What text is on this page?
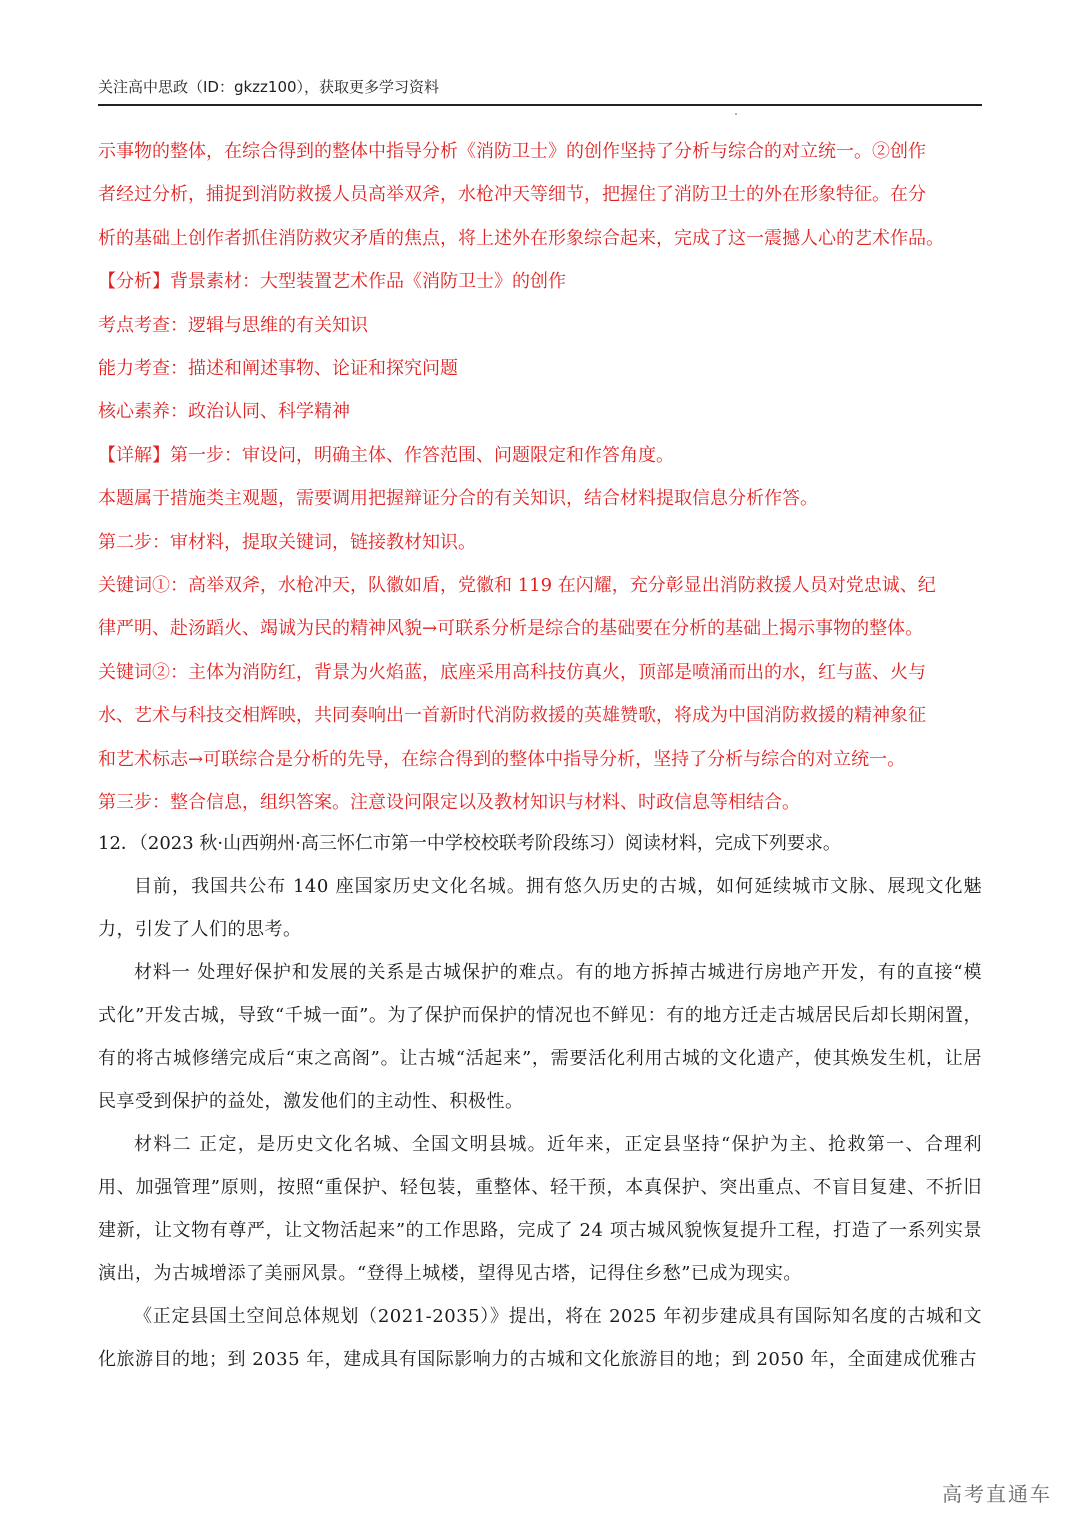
关注高中思政（ID：gkzz100），获取更多学习资料

示事物的整体，在综合得到的整体中指导分析《消防卫士》的创作坚持了分析与综合的对立统一。②创作

者经过分析，捕捉到消防救援人员高举双斧，水枪冲天等细节，把握住了消防卫士的外在形象特征。在分

析的基础上创作者抓住消防救灾矛盾的焦点，将上述外在形象综合起来，完成了这一震撼人心的艺术作品。

【分析】背景素材：大型装置艺术作品《消防卫士》的创作

考点考查：逻辑与思维的有关知识

能力考查：描述和阐述事物、论证和探究问题

核心素养：政治认同、科学精神

【详解】第一步：审设问，明确主体、作答范围、问题限定和作答角度。

本题属于措施类主观题，需要调用把握辩证分合的有关知识，结合材料提取信息分析作答。

第二步：审材料，提取关键词，链接教材知识。

关键词①：高举双斧，水枪冲天，队徽如盾，党徽和 119 在闪耀，充分彰显出消防救援人员对党忠诚、纪

律严明、赴汤蹈火、竭诚为民的精神风貌→可联系分析是综合的基础要在分析的基础上揭示事物的整体。

关键词②：主体为消防红，背景为火焰蓝，底座采用高科技仿真火，顶部是喷涌而出的水，红与蓝、火与

水、艺术与科技交相辉映，共同奏响出一首新时代消防救援的英雄赞歌，将成为中国消防救援的精神象征

和艺术标志→可联综合是分析的先导，在综合得到的整体中指导分析，坚持了分析与综合的对立统一。

第三步：整合信息，组织答案。注意设问限定以及教材知识与材料、时政信息等相结合。

12．（2023 秋·山西朔州·高三怀仁市第一中学校校联考阶段练习）阅读材料，完成下列要求。

目前，我国共公布 140 座国家历史文化名城。拥有悠久历史的古城，如何延续城市文脉、展现文化魅力，引发了人们的思考。

材料一 处理好保护和发展的关系是古城保护的难点。有的地方拆掉古城进行房地产开发，有的直接“模式化”开发古城，导致“千城一面”。为了保护而保护的情况也不鲜见：有的地方迁走古城居民后却长期闲置，有的将古城修缮完成后“束之高阁”。让古城“活起来”，需要活化利用古城的文化遗产，使其焕发生机，让居民享受到保护的益处，激发他们的主动性、积极性。

材料二 正定，是历史文化名城、全国文明县城。近年来，正定县坚持“保护为主、抢救第一、合理利用、加强管理”原则，按照“重保护、轻包装，重整体、轻干预，本真保护、突出重点、不盲目复建、不折旧建新，让文物有尊严，让文物活起来”的工作思路，完成了 24 项古城风貌恢复提升工程，打造了一系列实景演出，为古城增添了美丽风景。“登得上城楼，望得见古塔，记得住乡愁”已成为现实。

《正定县国土空间总体规划（2021-2035）》提出，将在 2025 年初步建成具有国际知名度的古城和文化旅游目的地；到 2035 年，建成具有国际影响力的古城和文化旅游目的地；到 2050 年，全面建成优雅古

高考直通车
